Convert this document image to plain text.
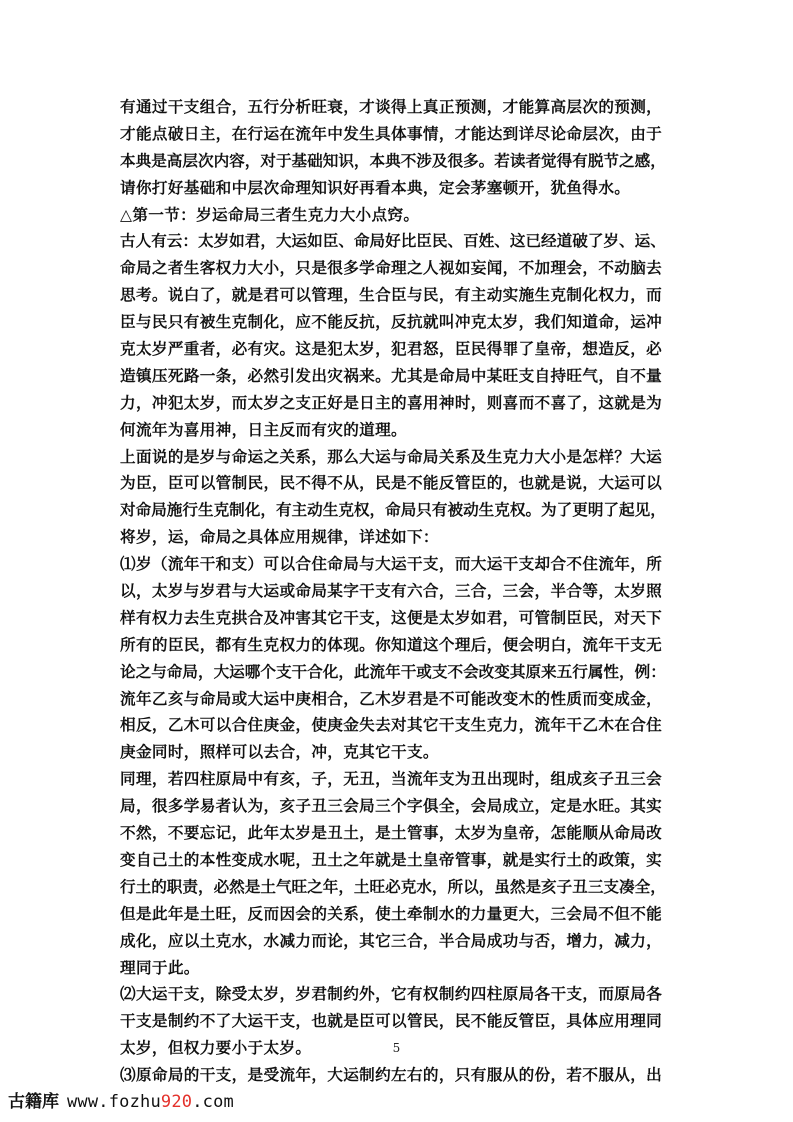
有通过干支组合，五行分析旺衰，才谈得上真正预测，才能算高层次的预测，
才能点破日主，在行运在流年中发生具体事情，才能达到详尽论命层次，由于
本典是高层次内容，对于基础知识，本典不涉及很多。若读者觉得有脱节之感，
请你打好基础和中层次命理知识好再看本典，定会茅塞顿开，犹鱼得水。
△第一节：岁运命局三者生克力大小点窍。
古人有云：太岁如君，大运如臣、命局好比臣民、百姓、这已经道破了岁、运、
命局之者生客权力大小，只是很多学命理之人视如妄闻，不加理会，不动脑去
思考。说白了，就是君可以管理，生合臣与民，有主动实施生克制化权力，而
臣与民只有被生克制化，应不能反抗，反抗就叫冲克太岁，我们知道命，运冲
克太岁严重者，必有灾。这是犯太岁，犯君怒，臣民得罪了皇帝，想造反，必
造镇压死路一条，必然引发出灾祸来。尤其是命局中某旺支自持旺气，自不量
力，冲犯太岁，而太岁之支正好是日主的喜用神时，则喜而不喜了，这就是为
何流年为喜用神，日主反而有灾的道理。
上面说的是岁与命运之关系，那么大运与命局关系及生克力大小是怎样？大运
为臣，臣可以管制民，民不得不从，民是不能反管臣的，也就是说，大运可以
对命局施行生克制化，有主动生克权，命局只有被动生克权。为了更明了起见，
将岁，运，命局之具体应用规律，详述如下：
⑴岁（流年干和支）可以合住命局与大运干支，而大运干支却合不住流年，所
以，太岁与岁君与大运或命局某字干支有六合，三合，三会，半合等，太岁照
样有权力去生克拱合及冲害其它干支，这便是太岁如君，可管制臣民，对天下
所有的臣民，都有生克权力的体现。你知道这个理后，便会明白，流年干支无
论之与命局，大运哪个支干合化，此流年干或支不会改变其原来五行属性，例：
流年乙亥与命局或大运中庚相合，乙木岁君是不可能改变木的性质而变成金，
相反，乙木可以合住庚金，使庚金失去对其它干支生克力，流年干乙木在合住
庚金同时，照样可以去合，冲，克其它干支。
同理，若四柱原局中有亥，子，无丑，当流年支为丑出现时，组成亥子丑三会
局，很多学易者认为，亥子丑三会局三个字俱全，会局成立，定是水旺。其实
不然，不要忘记，此年太岁是丑土，是土管事，太岁为皇帝，怎能顺从命局改
变自己土的本性变成水呢，丑土之年就是土皇帝管事，就是实行土的政策，实
行土的职责，必然是土气旺之年，土旺必克水，所以，虽然是亥子丑三支凑全，
但是此年是土旺，反而因会的关系，使土牵制水的力量更大，三会局不但不能
成化，应以土克水，水减力而论，其它三合，半合局成功与否，增力，减力，
理同于此。
⑵大运干支，除受太岁，岁君制约外，它有权制约四柱原局各干支，而原局各
干支是制约不了大运干支，也就是臣可以管民，民不能反管臣，具体应用理同
太岁，但权力要小于太岁。
⑶原命局的干支，是受流年，大运制约左右的，只有服从的份，若不服从，出
5
古籍库 www.fozhu920.com
